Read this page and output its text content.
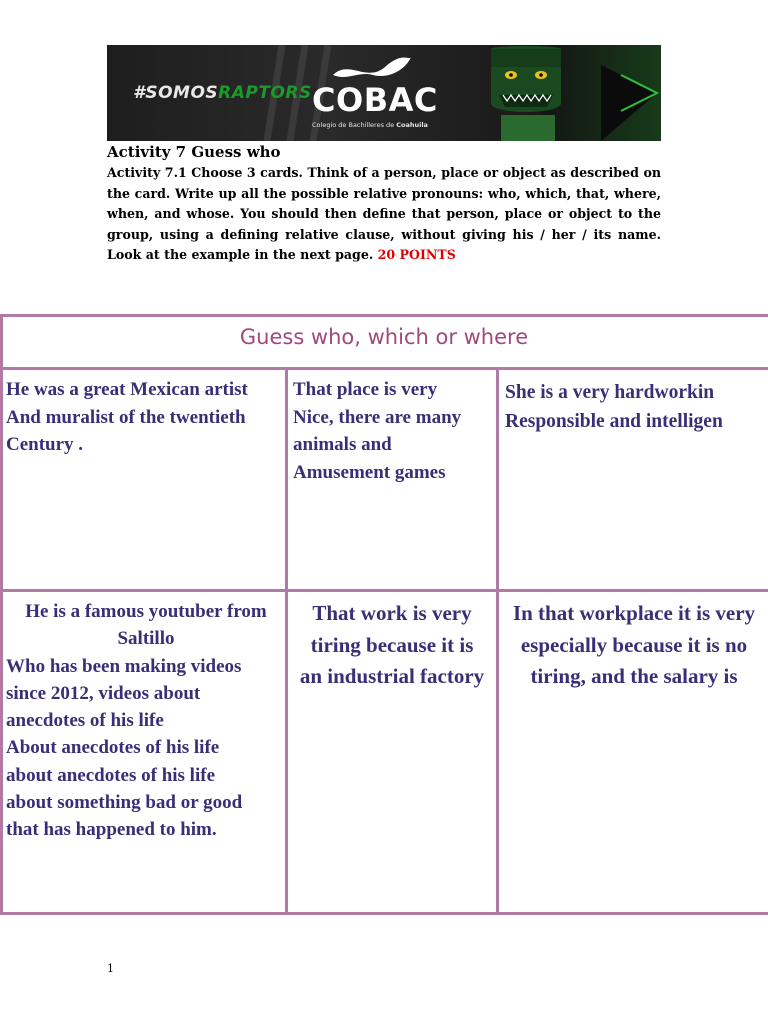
#SOMOSRAPTORS COBAC
Colegio de Bachilleres de Coahuila
Activity 7 Guess who

Activity 7.1 Choose 3 cards. Think of a person, place or object as described on the card. Write up all the possible relative pronouns: who, which, that, where, when, and whose. You should then define that person, place or object to the group, using a defining relative clause, without giving his / her / its name. Look at the example in the next page. 20 POINTS

Guess who, which or where
He was a great Mexican artist
And muralist of the twentieth
Century .
That place is very
Nice, there are many
animals and
Amusement games
She is a very hardworkin
Responsible and intelligen
He is a famous youtuber from
Saltillo
Who has been making videos
since 2012, videos about
anecdotes of his life
About anecdotes of his life
about anecdotes of his life
about something bad or good
that has happened to him.
That work is very
tiring because it is
an industrial factory
In that workplace it is very
especially because it is no
tiring, and the salary is
1
